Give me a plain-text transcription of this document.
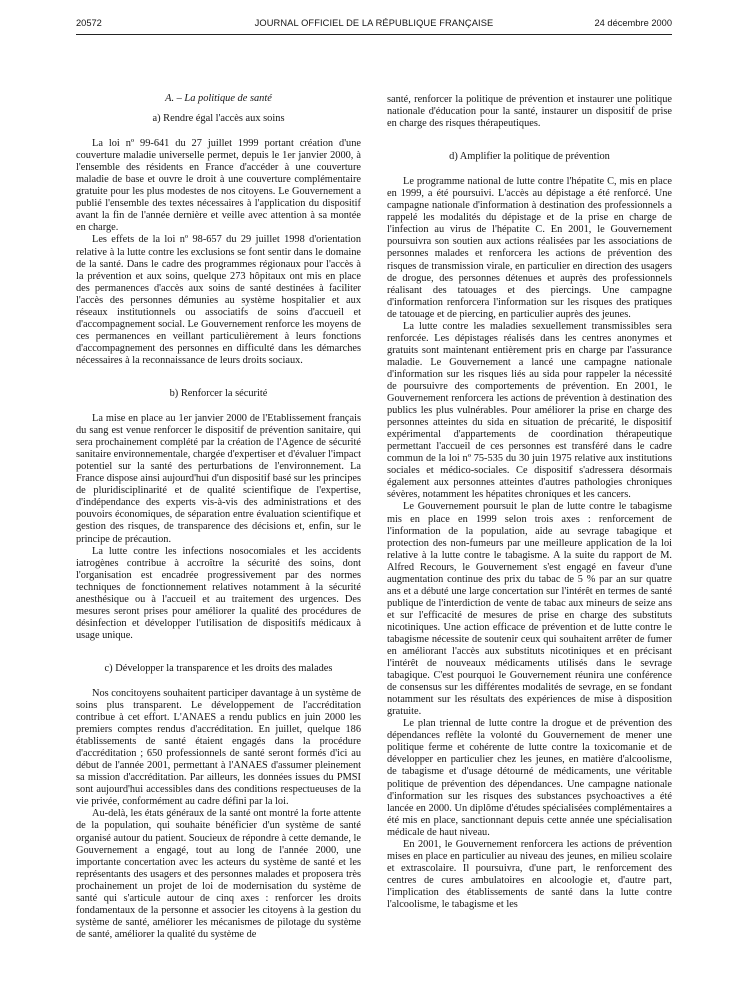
20572	JOURNAL OFFICIEL DE LA RÉPUBLIQUE FRANÇAISE	24 décembre 2000

A. – La politique de santé

a) Rendre égal l'accès aux soins

La loi nº 99-641 du 27 juillet 1999 portant création d'une couverture maladie universelle permet, depuis le 1er janvier 2000, à l'ensemble des résidents en France d'accéder à une couverture maladie de base et ouvre le droit à une couverture complémentaire gratuite pour les plus modestes de nos citoyens. Le Gouvernement a publié l'ensemble des textes nécessaires à l'application du dispositif avant la fin de l'année dernière et veille avec attention à sa montée en charge.

Les effets de la loi nº 98-657 du 29 juillet 1998 d'orientation relative à la lutte contre les exclusions se font sentir dans le domaine de la santé. Dans le cadre des programmes régionaux pour l'accès à la prévention et aux soins, quelque 273 hôpitaux ont mis en place des permanences d'accès aux soins de santé destinées à faciliter l'accès des personnes démunies au système hospitalier et aux réseaux institutionnels ou associatifs de soins d'accueil et d'accompagnement social. Le Gouvernement renforce les moyens de ces permanences en veillant particulièrement à leurs fonctions d'accompagnement des personnes en difficulté dans les démarches nécessaires à la reconnaissance de leurs droits sociaux.

b) Renforcer la sécurité

La mise en place au 1er janvier 2000 de l'Etablissement français du sang est venue renforcer le dispositif de prévention sanitaire, qui sera prochainement complété par la création de l'Agence de sécurité sanitaire environnementale, chargée d'expertiser et d'évaluer l'impact potentiel sur la santé des perturbations de l'environnement. La France dispose ainsi aujourd'hui d'un dispositif basé sur les principes de pluridisciplinarité et de qualité scientifique de l'expertise, d'indépendance des experts vis-à-vis des administrations et des pouvoirs économiques, de séparation entre évaluation scientifique et gestion des risques, de transparence des décisions et, enfin, sur le principe de précaution.

La lutte contre les infections nosocomiales et les accidents iatrogènes contribue à accroître la sécurité des soins, dont l'organisation est encadrée progressivement par des normes techniques de fonctionnement relatives notamment à la sécurité anesthésique ou à l'accueil et au traitement des urgences. Des mesures seront prises pour améliorer la qualité des procédures de désinfection et développer l'utilisation de dispositifs médicaux à usage unique.

c) Développer la transparence et les droits des malades

Nos concitoyens souhaitent participer davantage à un système de soins plus transparent. Le développement de l'accréditation contribue à cet effort. L'ANAES a rendu publics en juin 2000 les premiers comptes rendus d'accréditation. En juillet, quelque 186 établissements de santé étaient engagés dans la procédure d'accréditation ; 650 professionnels de santé seront formés d'ici au début de l'année 2001, permettant à l'ANAES d'assumer pleinement sa mission d'accréditation. Par ailleurs, les données issues du PMSI sont aujourd'hui accessibles dans des conditions respectueuses de la vie privée, conformément au cadre défini par la loi.

Au-delà, les états généraux de la santé ont montré la forte attente de la population, qui souhaite bénéficier d'un système de santé organisé autour du patient. Soucieux de répondre à cette demande, le Gouvernement a engagé, tout au long de l'année 2000, une importante concertation avec les acteurs du système de santé et les représentants des usagers et des personnes malades et proposera très prochainement un projet de loi de modernisation du système de santé qui s'articule autour de cinq axes : renforcer les droits fondamentaux de la personne et associer les citoyens à la gestion du système de santé, améliorer les mécanismes de pilotage du système de santé, améliorer la qualité du système de

santé, renforcer la politique de prévention et instaurer une politique nationale d'éducation pour la santé, instaurer un dispositif de prise en charge des risques thérapeutiques.

d) Amplifier la politique de prévention

Le programme national de lutte contre l'hépatite C, mis en place en 1999, a été poursuivi. L'accès au dépistage a été renforcé. Une campagne nationale d'information à destination des professionnels a rappelé les modalités du dépistage et de la prise en charge de l'infection au virus de l'hépatite C. En 2001, le Gouvernement poursuivra son soutien aux actions réalisées par les associations de personnes malades et renforcera les actions de prévention des risques de transmission virale, en particulier en direction des usagers de drogue, des personnes détenues et auprès des professionnels réalisant des tatouages et des piercings. Une campagne d'information renforcera l'information sur les risques des pratiques de tatouage et de piercing, en particulier auprès des jeunes.

La lutte contre les maladies sexuellement transmissibles sera renforcée. Les dépistages réalisés dans les centres anonymes et gratuits sont maintenant entièrement pris en charge par l'assurance maladie. Le Gouvernement a lancé une campagne nationale d'information sur les risques liés au sida pour rappeler la nécessité de poursuivre des comportements de prévention. En 2001, le Gouvernement renforcera les actions de prévention à destination des publics les plus vulnérables. Pour améliorer la prise en charge des personnes atteintes du sida en situation de précarité, le dispositif expérimental d'appartements de coordination thérapeutique permettant l'accueil de ces personnes est transféré dans le cadre commun de la loi nº 75-535 du 30 juin 1975 relative aux institutions sociales et médico-sociales. Ce dispositif s'adressera désormais également aux personnes atteintes d'autres pathologies chroniques sévères, notamment les hépatites chroniques et les cancers.

Le Gouvernement poursuit le plan de lutte contre le tabagisme mis en place en 1999 selon trois axes : renforcement de l'information de la population, aide au sevrage tabagique et protection des non-fumeurs par une meilleure application de la loi relative à la lutte contre le tabagisme. A la suite du rapport de M. Alfred Recours, le Gouvernement s'est engagé en faveur d'une augmentation continue des prix du tabac de 5 % par an sur quatre ans et a débuté une large concertation sur l'intérêt en termes de santé publique de l'interdiction de vente de tabac aux mineurs de seize ans et sur l'efficacité de mesures de prise en charge des substituts nicotiniques. Une action efficace de prévention et de lutte contre le tabagisme nécessite de soutenir ceux qui souhaitent arrêter de fumer en améliorant l'accès aux substituts nicotiniques et en précisant l'intérêt de nouveaux médicaments utilisés dans le sevrage tabagique. C'est pourquoi le Gouvernement réunira une conférence de consensus sur les différentes modalités de sevrage, en se fondant notamment sur les résultats des expériences de mise à disposition gratuite.

Le plan triennal de lutte contre la drogue et de prévention des dépendances reflète la volonté du Gouvernement de mener une politique ferme et cohérente de lutte contre la toxicomanie et de développer en particulier chez les jeunes, en matière d'alcoolisme, de tabagisme et d'usage détourné de médicaments, une véritable politique de prévention des dépendances. Une campagne nationale d'information sur les risques des substances psychoactives a été lancée en 2000. Un diplôme d'études spécialisées complémentaires a été mis en place, sanctionnant depuis cette année une spécialisation médicale de haut niveau.

En 2001, le Gouvernement renforcera les actions de prévention mises en place en particulier au niveau des jeunes, en milieu scolaire et extrascolaire. Il poursuivra, d'une part, le renforcement des centres de cures ambulatoires en alcoologie et, d'autre part, l'implication des établissements de santé dans la lutte contre l'alcoolisme, le tabagisme et les
